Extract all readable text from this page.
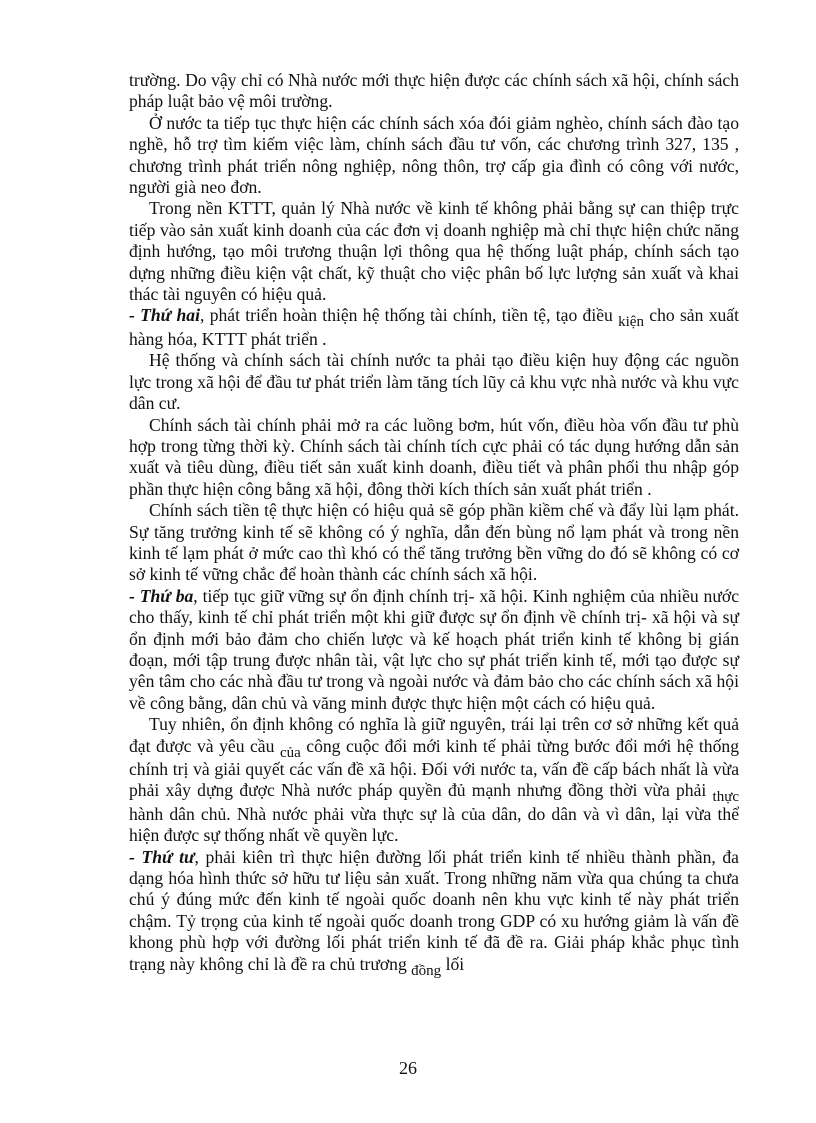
trường. Do vậy chỉ có Nhà nước mới thực hiện được các chính sách xã hội, chính sách pháp luật bảo vệ môi trường.

Ở nước ta tiếp tục thực hiện các chính sách xóa đói giảm nghèo, chính sách đào tạo nghề, hỗ trợ tìm kiếm việc làm, chính sách đầu tư vốn, các chương trình 327, 135 , chương trình phát triển nông nghiệp, nông thôn, trợ cấp gia đình có công với nước, người già neo đơn.

Trong nền KTTT, quản lý Nhà nước về kinh tế không phải bằng sự can thiệp trực tiếp vào sản xuất kinh doanh của các đơn vị doanh nghiệp mà chỉ thực hiện chức năng định hướng, tạo môi trương thuận lợi thông qua hệ thống luật pháp, chính sách tạo dựng những điều kiện vật chất, kỹ thuật cho việc phân bố lực lượng sản xuất và khai thác tài nguyên có hiệu quả.

- Thứ hai, phát triển hoàn thiện hệ thống tài chính, tiền tệ, tạo điều kiện cho sản xuất hàng hóa, KTTT phát triển .

Hệ thống và chính sách tài chính nước ta phải tạo điều kiện huy động các nguồn lực trong xã hội để đầu tư phát triển làm tăng tích lũy cả khu vực nhà nước và khu vực dân cư.

Chính sách tài chính phải mở ra các luồng bơm, hút vốn, điều hòa vốn đầu tư phù hợp trong từng thời kỳ. Chính sách tài chính tích cực phải có tác dụng hướng dẫn sản xuất và tiêu dùng, điều tiết sản xuất kinh doanh, điều tiết và phân phối thu nhập góp phần thực hiện công bằng xã hội, đông thời kích thích sản xuất phát triển .

Chính sách tiền tệ thực hiện có hiệu quả sẽ góp phần kiềm chế và đẩy lùi lạm phát. Sự tăng trưởng kinh tế sẽ không có ý nghĩa, dẫn đến bùng nổ lạm phát và trong nền kinh tế lạm phát ở mức cao thì khó có thể tăng trưởng bền vững do đó sẽ không có cơ sở kinh tế vững chắc để hoàn thành các chính sách xã hội.

- Thứ ba, tiếp tục giữ vững sự ổn định chính trị- xã hội. Kinh nghiệm của nhiều nước cho thấy, kinh tế chỉ phát triển một khi giữ được sự ổn định về chính trị- xã hội và sự ổn định mới bảo đảm cho chiến lược và kế hoạch phát triển kinh tế không bị gián đoạn, mới tập trung được nhân tài, vật lực cho sự phát triển kinh tế, mới tạo được sự yên tâm cho các nhà đầu tư trong và ngoài nước và đảm bảo cho các chính sách xã hội về công bằng, dân chủ và văng minh được thực hiện một cách có hiệu quả.

Tuy nhiên, ổn định không có nghĩa là giữ nguyên, trái lại trên cơ sở những kết quả đạt được và yêu cầu của công cuộc đổi mới kinh tế phải từng bước đổi mới hệ thống chính trị và giải quyết các vấn đề xã hội. Đối với nước ta, vấn đề cấp bách nhất là vừa phải xây dựng được Nhà nước pháp quyền đủ mạnh nhưng đồng thời vừa phải thực hành dân chủ. Nhà nước phải vừa thực sự là của dân, do dân và vì dân, lại vừa thể hiện được sự thống nhất về quyền lực.

- Thứ tư, phải kiên trì thực hiện đường lối phát triển kinh tế nhiều thành phần, đa dạng hóa hình thức sở hữu tư liệu sản xuất. Trong những năm vừa qua chúng ta chưa chú ý đúng mức đến kinh tế ngoài quốc doanh nên khu vực kinh tế này phát triển chậm. Tỷ trọng của kinh tế ngoài quốc doanh trong GDP có xu hướng giảm là vấn đề khong phù hợp với đường lối phát triển kinh tế đã đề ra. Giải pháp khắc phục tình trạng này không chỉ là đề ra chủ trương đồng lối

26
